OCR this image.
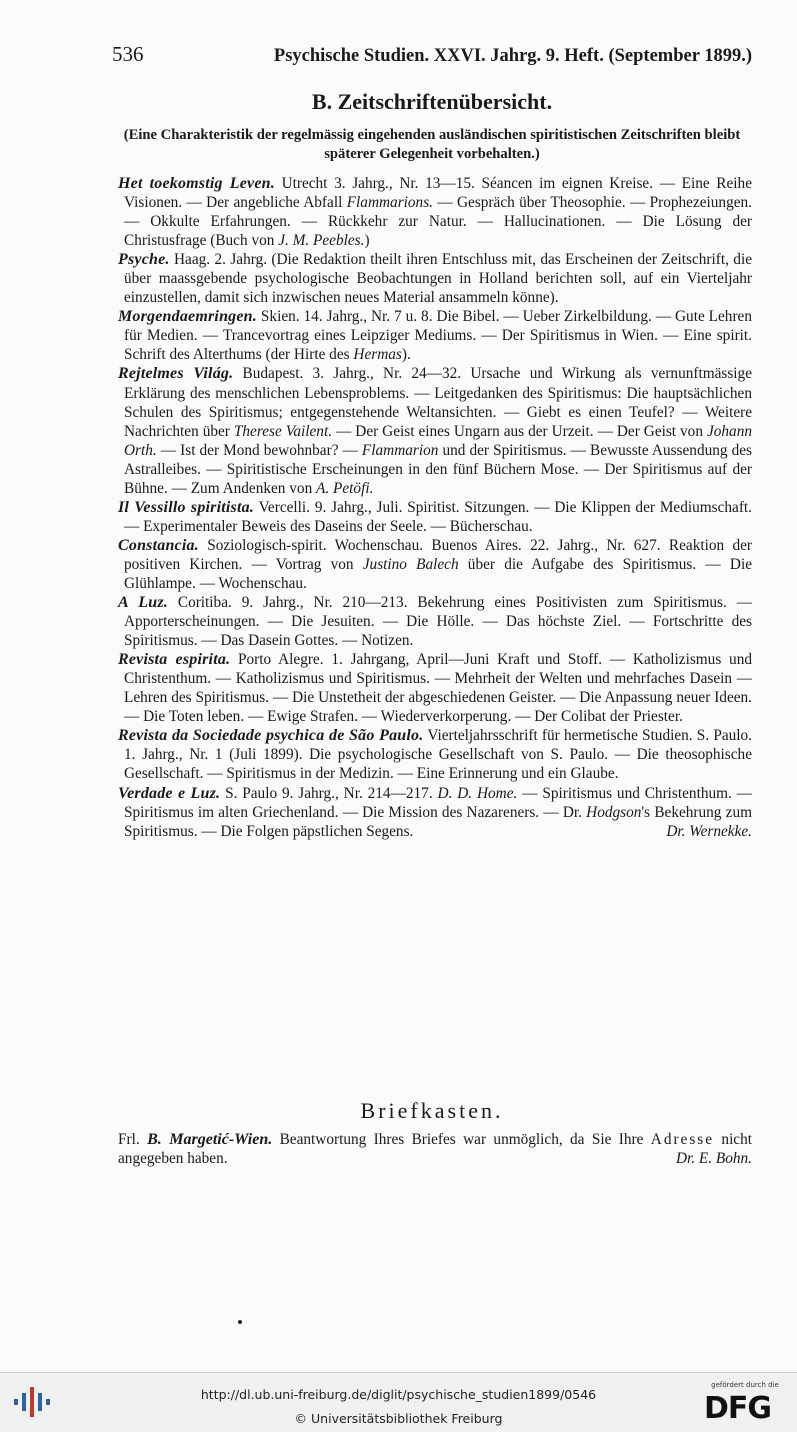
536	Psychische Studien. XXVI. Jahrg. 9. Heft. (September 1899.)
B. Zeitschriftenübersicht.
(Eine Charakteristik der regelmässig eingehenden ausländischen spiritistischen Zeitschriften bleibt späterer Gelegenheit vorbehalten.)

Het toekomstig Leven. Utrecht 3. Jahrg., Nr. 13—15. Séancen im eignen Kreise. — Eine Reihe Visionen. — Der angebliche Abfall Flammarions. — Gespräch über Theosophie. — Prophezeiungen. — Okkulte Erfahrungen. — Rückkehr zur Natur. — Hallucinationen. — Die Lösung der Christusfrage (Buch von J. M. Peebles.)

Psyche. Haag. 2. Jahrg. (Die Redaktion theilt ihren Entschluss mit, das Erscheinen der Zeitschrift, die über maassgebende psychologische Beobachtungen in Holland berichten soll, auf ein Vierteljahr einzustellen, damit sich inzwischen neues Material ansammeln könne).

Morgendaemringen. Skien. 14. Jahrg., Nr. 7 u. 8. Die Bibel. — Ueber Zirkelbildung. — Gute Lehren für Medien. — Trancevortrag eines Leipziger Mediums. — Der Spiritismus in Wien. — Eine spirit. Schrift des Alterthums (der Hirte des Hermas).

Rejtelmes Világ. Budapest. 3. Jahrg., Nr. 24—32. Ursache und Wirkung als vernunftmässige Erklärung des menschlichen Lebensproblems. — Leitgedanken des Spiritismus: Die hauptsächlichen Schulen des Spiritismus; entgegenstehende Weltansichten. — Giebt es einen Teufel? — Weitere Nachrichten über Therese Vailent. — Der Geist eines Ungarn aus der Urzeit. — Der Geist von Johann Orth. — Ist der Mond bewohnbar? — Flammarion und der Spiritismus. — Bewusste Aussendung des Astralleibes. — Spiritistische Erscheinungen in den fünf Büchern Mose. — Der Spiritismus auf der Bühne. — Zum Andenken von A. Petöfi.

Il Vessillo spiritista. Vercelli. 9. Jahrg., Juli. Spiritist. Sitzungen. — Die Klippen der Mediumschaft. — Experimentaler Beweis des Daseins der Seele. — Bücherschau.

Constancia. Soziologisch-spirit. Wochenschau. Buenos Aires. 22. Jahrg., Nr. 627. Reaktion der positiven Kirchen. — Vortrag von Justino Balech über die Aufgabe des Spiritismus. — Die Glühlampe. — Wochenschau.

A Luz. Coritiba. 9. Jahrg., Nr. 210—213. Bekehrung eines Positivisten zum Spiritismus. — Apporterscheinungen. — Die Jesuiten. — Die Hölle. — Das höchste Ziel. — Fortschritte des Spiritismus. — Das Dasein Gottes. — Notizen.

Revista espirita. Porto Alegre. 1. Jahrgang, April—Juni Kraft und Stoff. — Katholizismus und Christenthum. — Katholizismus und Spiritismus. — Mehrheit der Welten und mehrfaches Dasein — Lehren des Spiritismus. — Die Unstetheit der abgeschiedenen Geister. — Die Anpassung neuer Ideen. — Die Toten leben. — Ewige Strafen. — Wiederverkorperung. — Der Colibat der Priester.

Revista da Sociedade psychica de São Paulo. Vierteljahrsschrift für hermetische Studien. S. Paulo. 1. Jahrg., Nr. 1 (Juli 1899). Die psychologische Gesellschaft von S. Paulo. — Die theosophische Gesellschaft. — Spiritismus in der Medizin. — Eine Erinnerung und ein Glaube.

Verdade e Luz. S. Paulo 9. Jahrg., Nr. 214—217. D. D. Home. — Spiritismus und Christenthum. — Spiritismus im alten Griechenland. — Die Mission des Nazareners. — Dr. Hodgson's Bekehrung zum Spiritismus. — Die Folgen päpstlichen Segens.	Dr. Wernekke.

Briefkasten.
Frl. B. Margetić-Wien. Beantwortung Ihres Briefes war unmöglich, da Sie Ihre Adresse nicht angegeben haben.	Dr. E. Bohn.
http://dl.ub.uni-freiburg.de/diglit/psychische_studien1899/0546
© Universitätsbibliothek Freiburg
gefördert durch die
DFG
